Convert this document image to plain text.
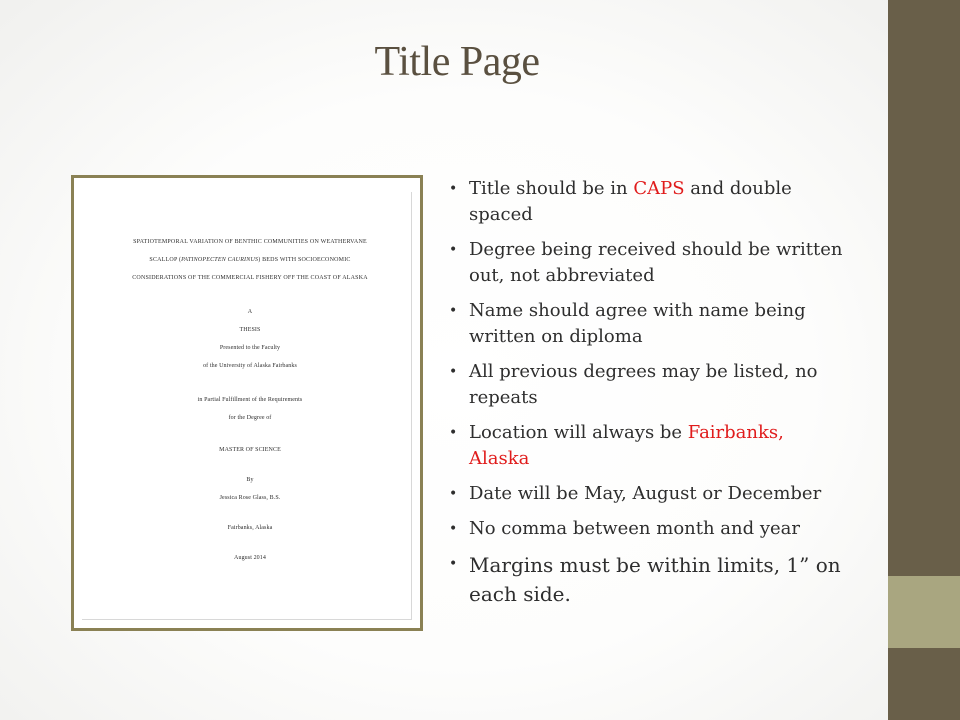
Title Page
SPATIOTEMPORAL VARIATION OF BENTHIC COMMUNITIES ON WEATHERVANE
SCALLOP (PATINOPECTEN CAURINUS) BEDS WITH SOCIOECONOMIC
CONSIDERATIONS OF THE COMMERCIAL FISHERY OFF THE COAST OF ALASKA
A
THESIS
Presented to the Faculty
of the University of Alaska Fairbanks
in Partial Fulfillment of the Requirements
for the Degree of
MASTER OF SCIENCE
By
Jessica Rose Glass, B.S.
Fairbanks, Alaska
August 2014
• Title should be in CAPS and double spaced
• Degree being received should be written out, not abbreviated
• Name should agree with name being written on diploma
• All previous degrees may be listed, no repeats
• Location will always be Fairbanks, Alaska
• Date will be May, August or December
• No comma between month and year
• Margins must be within limits, 1” on each side.
